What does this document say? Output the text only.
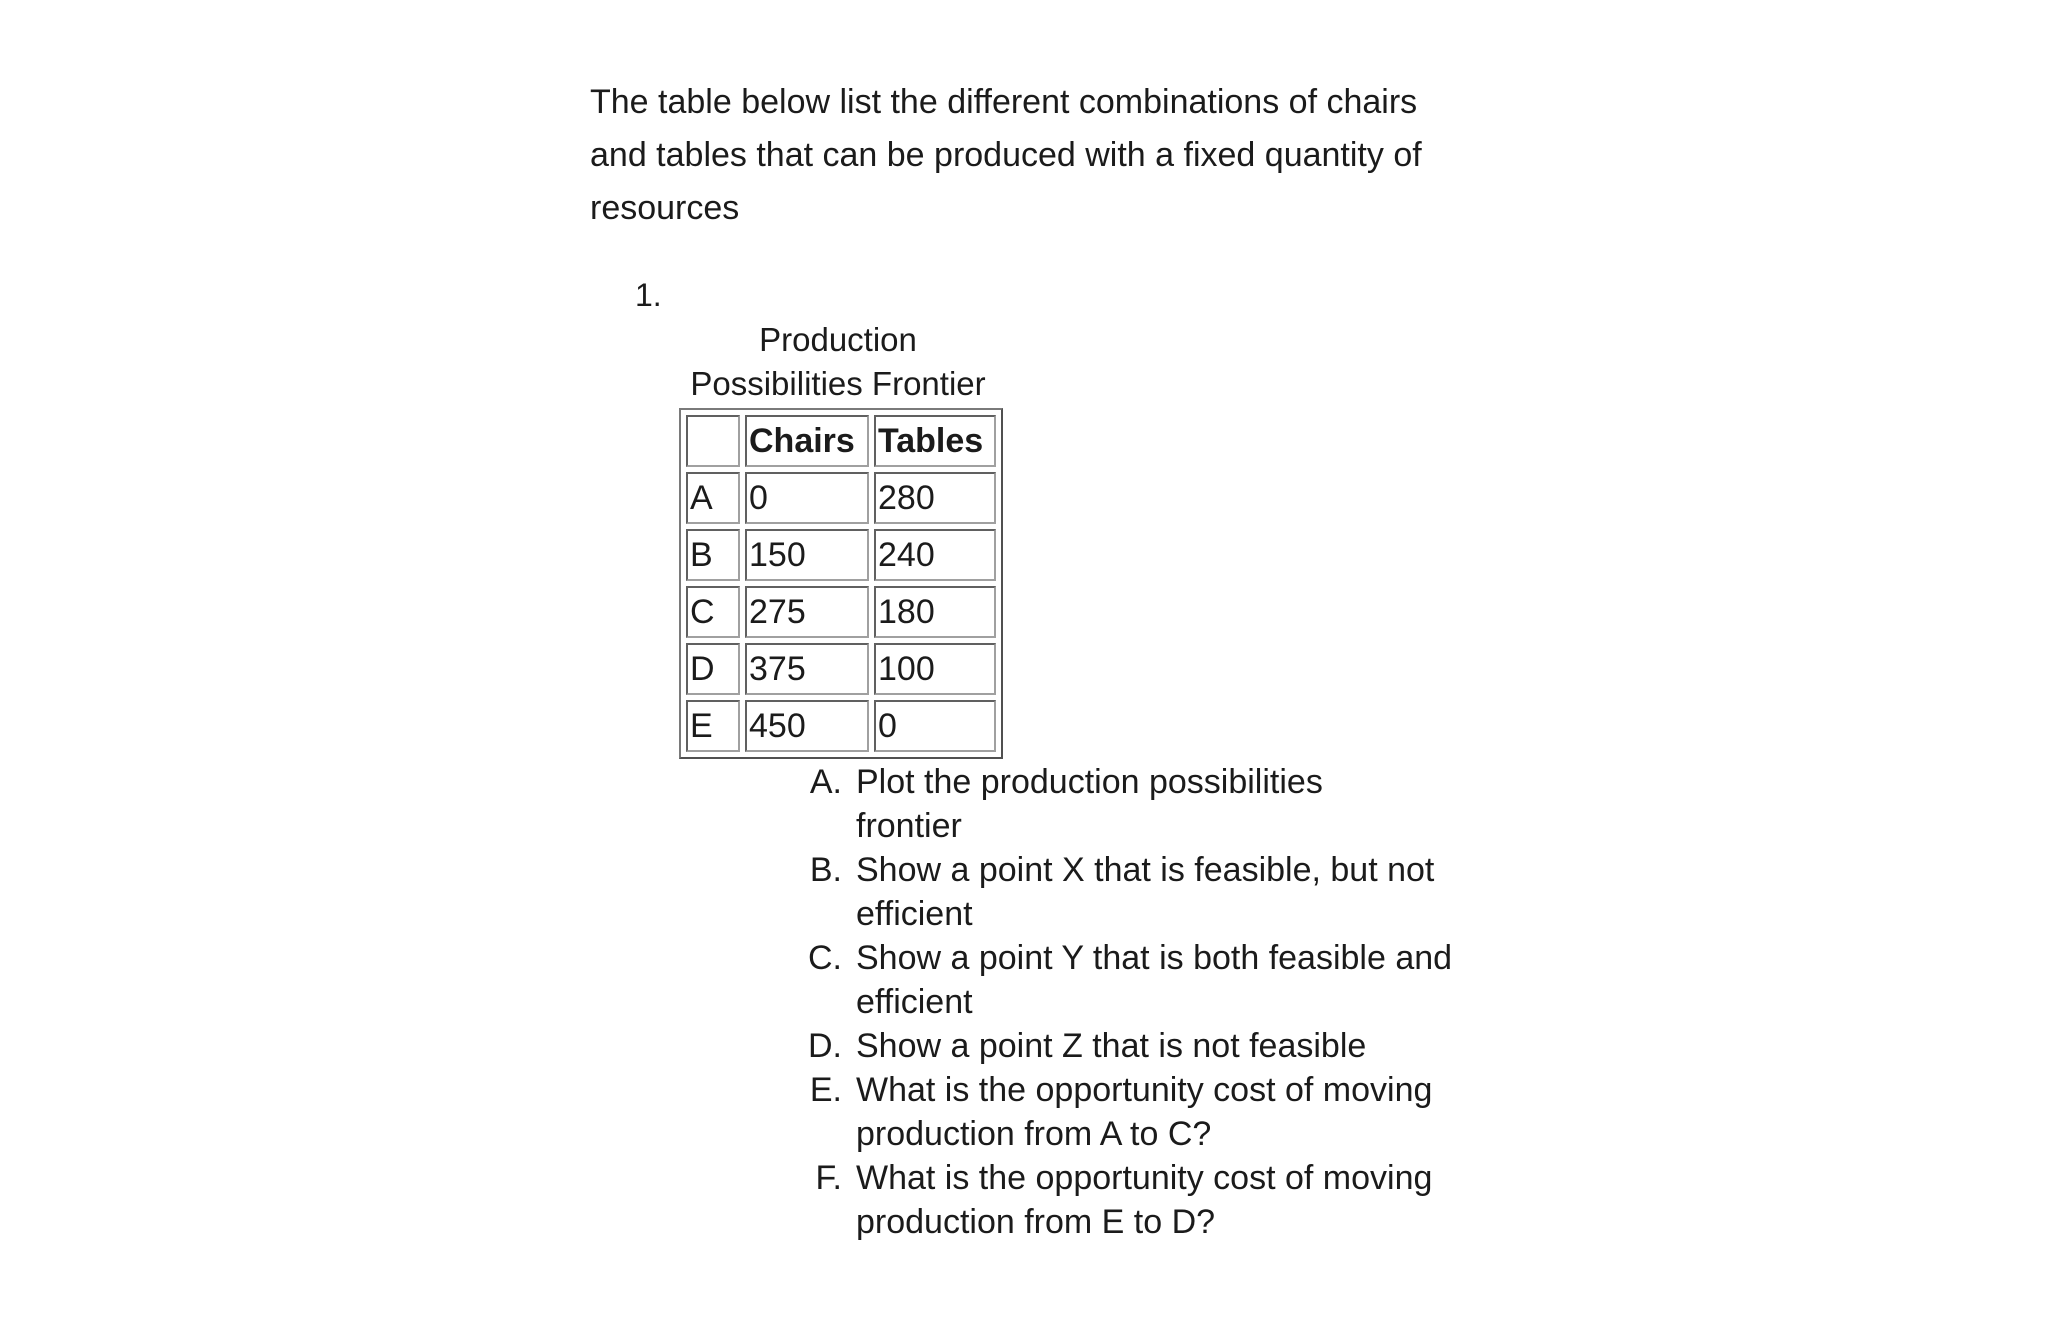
The table below list the different combinations of chairs
and tables that can be produced with a fixed quantity of
resources
1.
Production
Possibilities Frontier
	Chairs	Tables
A	0	280
B	150	240
C	275	180
D	375	100
E	450	0
A. Plot the production possibilities
frontier
B. Show a point X that is feasible, but not
efficient
C. Show a point Y that is both feasible and
efficient
D. Show a point Z that is not feasible
E. What is the opportunity cost of moving
production from A to C?
F. What is the opportunity cost of moving
production from E to D?
